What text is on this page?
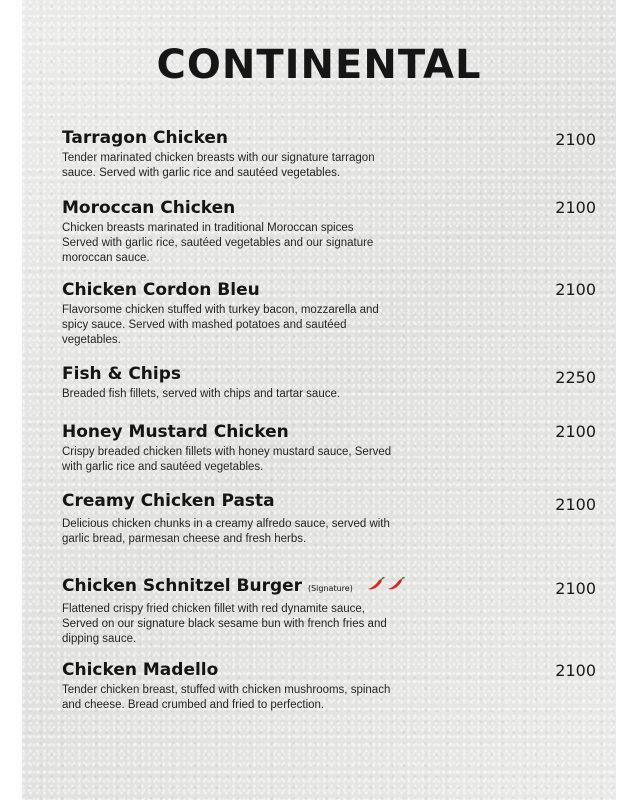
CONTINENTAL
Tarragon Chicken
Tender marinated chicken breasts with our signature tarragon sauce. Served with garlic rice and sautéed vegetables.
2100
Moroccan Chicken
Chicken breasts marinated in traditional Moroccan spices Served with garlic rice, sautéed vegetables and our signature moroccan sauce.
2100
Chicken Cordon Bleu
Flavorsome chicken stuffed with turkey bacon, mozzarella and spicy sauce. Served with mashed potatoes and sautéed vegetables.
2100
Fish & Chips
Breaded fish fillets, served with chips and tartar sauce.
2250
Honey Mustard Chicken
Crispy breaded chicken fillets with honey mustard sauce, Served with garlic rice and sautéed vegetables.
2100
Creamy Chicken Pasta
Delicious chicken chunks in a creamy alfredo sauce, served with garlic bread, parmesan cheese and fresh herbs.
2100
Chicken Schnitzel Burger (Signature)
Flattened crispy fried chicken fillet with red dynamite sauce, Served on our signature black sesame bun with french fries and dipping sauce.
2100
Chicken Madello
Tender chicken breast, stuffed with chicken mushrooms, spinach and cheese. Bread crumbed and fried to perfection.
2100
